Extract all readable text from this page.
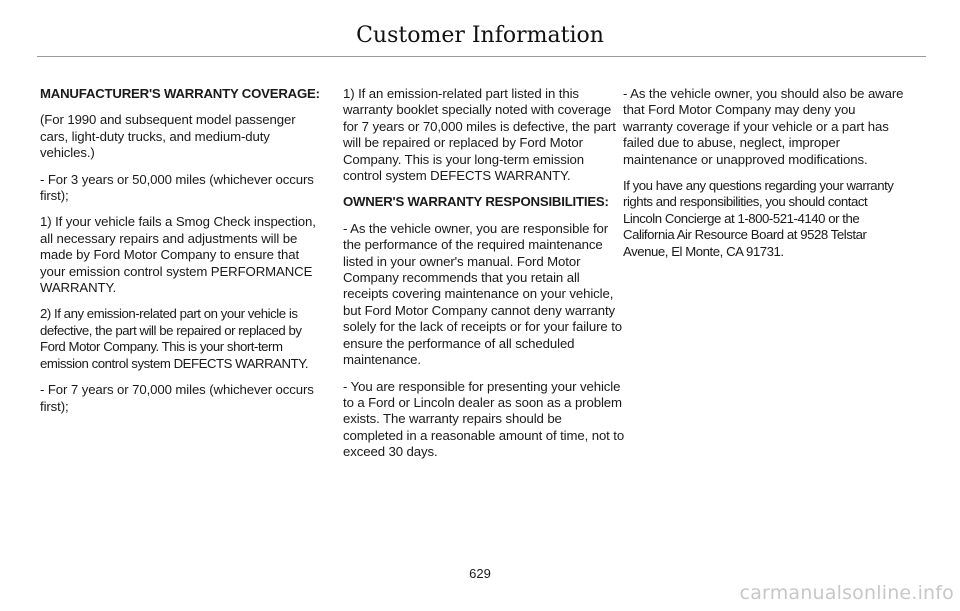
Customer Information

MANUFACTURER'S WARRANTY COVERAGE:

(For 1990 and subsequent model passenger cars, light-duty trucks, and medium-duty vehicles.)

- For 3 years or 50,000 miles (whichever occurs first);

1) If your vehicle fails a Smog Check inspection, all necessary repairs and adjustments will be made by Ford Motor Company to ensure that your emission control system PERFORMANCE WARRANTY.

2) If any emission-related part on your vehicle is defective, the part will be repaired or replaced by Ford Motor Company. This is your short-term emission control system DEFECTS WARRANTY.

- For 7 years or 70,000 miles (whichever occurs first);

1) If an emission-related part listed in this warranty booklet specially noted with coverage for 7 years or 70,000 miles is defective, the part will be repaired or replaced by Ford Motor Company. This is your long-term emission control system DEFECTS WARRANTY.

OWNER'S WARRANTY RESPONSIBILITIES:

- As the vehicle owner, you are responsible for the performance of the required maintenance listed in your owner's manual. Ford Motor Company recommends that you retain all receipts covering maintenance on your vehicle, but Ford Motor Company cannot deny warranty solely for the lack of receipts or for your failure to ensure the performance of all scheduled maintenance.

- You are responsible for presenting your vehicle to a Ford or Lincoln dealer as soon as a problem exists. The warranty repairs should be completed in a reasonable amount of time, not to exceed 30 days.

- As the vehicle owner, you should also be aware that Ford Motor Company may deny you warranty coverage if your vehicle or a part has failed due to abuse, neglect, improper maintenance or unapproved modifications.

If you have any questions regarding your warranty rights and responsibilities, you should contact Lincoln Concierge at 1-800-521-4140 or the California Air Resource Board at 9528 Telstar Avenue, El Monte, CA 91731.

629
carmanualsonline.info
